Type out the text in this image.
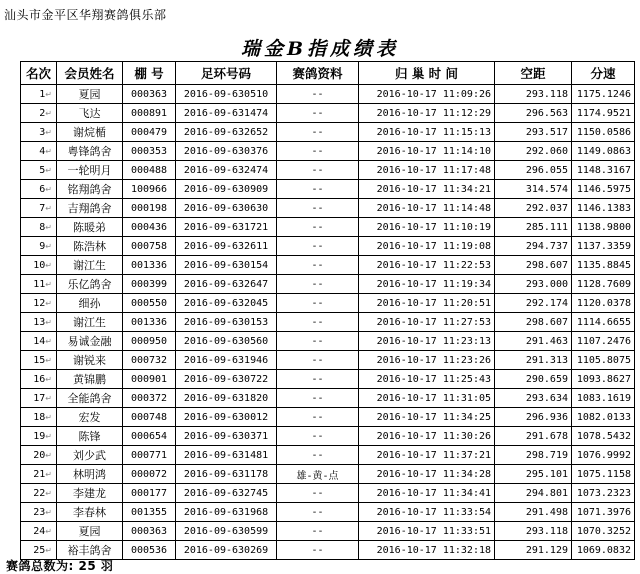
汕头市金平区华翔赛鸽俱乐部
瑞金B指成绩表
名次	会员姓名	棚 号	足环号码	赛鸽资料	归 巢 时 间	空距	分速
1↵	夏园	000363	2016-09-630510	--	2016-10-17 11:09:26	293.118	1175.1246
2↵	飞达	000891	2016-09-631474	--	2016-10-17 11:12:29	296.563	1174.9521
3↵	谢烷楯	000479	2016-09-632652	--	2016-10-17 11:15:13	293.517	1150.0586
4↵	粤锋鸽舍	000353	2016-09-630376	--	2016-10-17 11:14:10	292.060	1149.0863
5↵	一轮明月	000488	2016-09-632474	--	2016-10-17 11:17:48	296.055	1148.3167
6↵	铭翔鸽舍	100966	2016-09-630909	--	2016-10-17 11:34:21	314.574	1146.5975
7↵	吉翔鸽舍	000198	2016-09-630630	--	2016-10-17 11:14:48	292.037	1146.1383
8↵	陈暖弟	000436	2016-09-631721	--	2016-10-17 11:10:19	285.111	1138.9800
9↵	陈浩林	000758	2016-09-632611	--	2016-10-17 11:19:08	294.737	1137.3359
10↵	谢江生	001336	2016-09-630154	--	2016-10-17 11:22:53	298.607	1135.8845
11↵	乐亿鸽舍	000399	2016-09-632647	--	2016-10-17 11:19:34	293.000	1128.7609
12↵	细孙	000550	2016-09-632045	--	2016-10-17 11:20:51	292.174	1120.0378
13↵	谢江生	001336	2016-09-630153	--	2016-10-17 11:27:53	298.607	1114.6655
14↵	易诚金融	000950	2016-09-630560	--	2016-10-17 11:23:13	291.463	1107.2476
15↵	谢锐来	000732	2016-09-631946	--	2016-10-17 11:23:26	291.313	1105.8075
16↵	黄锦鹏	000901	2016-09-630722	--	2016-10-17 11:25:43	290.659	1093.8627
17↵	全能鸽舍	000372	2016-09-631820	--	2016-10-17 11:31:05	293.634	1083.1619
18↵	宏发	000748	2016-09-630012	--	2016-10-17 11:34:25	296.936	1082.0133
19↵	陈锋	000654	2016-09-630371	--	2016-10-17 11:30:26	291.678	1078.5432
20↵	刘少武	000771	2016-09-631481	--	2016-10-17 11:37:21	298.719	1076.9992
21↵	林明鸿	000072	2016-09-631178	雄-黄-点	2016-10-17 11:34:28	295.101	1075.1158
22↵	李建龙	000177	2016-09-632745	--	2016-10-17 11:34:41	294.801	1073.2323
23↵	李春林	001355	2016-09-631968	--	2016-10-17 11:33:54	291.498	1071.3976
24↵	夏园	000363	2016-09-630599	--	2016-10-17 11:33:51	293.118	1070.3252
25↵	裕丰鸽舍	000536	2016-09-630269	--	2016-10-17 11:32:18	291.129	1069.0832
赛鸽总数为: 25 羽
